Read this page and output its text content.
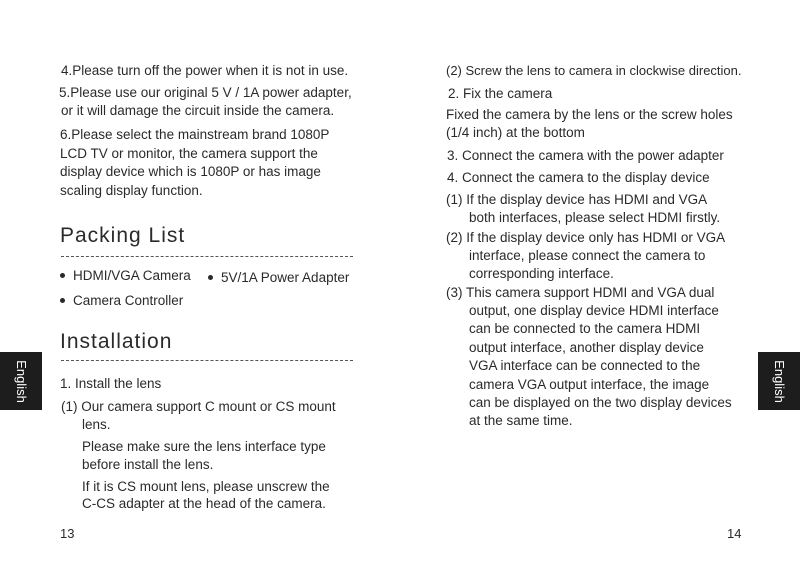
4.Please turn off the power when it is not in use.
5.Please use our original 5 V / 1A power adapter,
or it will damage the circuit inside the camera.
6.Please select the mainstream brand 1080P
LCD TV or monitor, the camera support the
display device which is 1080P or has image
scaling display function.
Packing List
HDMI/VGA Camera	5V/1A Power Adapter
Camera Controller
Installation
1. Install the lens
(1) Our camera support C mount or CS mount
lens.
Please make sure the lens interface type
before install the lens.
If it is CS mount lens, please unscrew the
C-CS adapter at the head of the camera.
13
English
(2) Screw the lens to camera in clockwise direction.
2. Fix the camera
Fixed the camera by the lens or the screw holes
(1/4 inch) at the bottom
3. Connect the camera with the power adapter
4. Connect the camera to the display device
(1) If the display device has HDMI and VGA
both interfaces, please select HDMI firstly.
(2) If the display device only has HDMI or VGA
interface, please connect the camera to
corresponding interface.
(3) This camera support HDMI and VGA dual
output, one display device HDMI interface
can be connected to the camera HDMI
output interface, another display device
VGA interface can be connected to the
camera VGA output interface, the image
can be displayed on the two display devices
at the same time.
14
English
